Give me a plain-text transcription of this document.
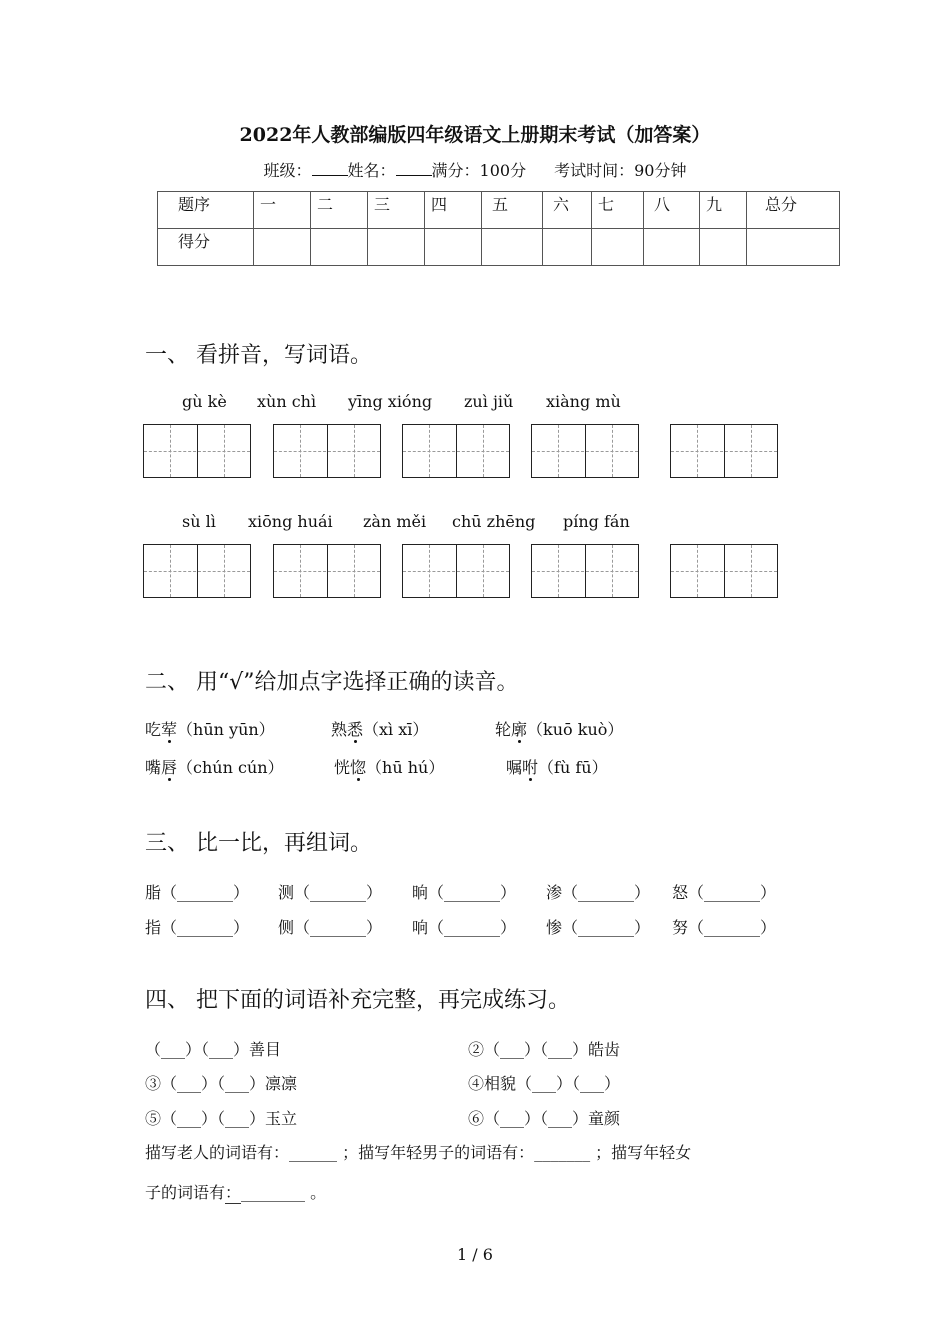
2022年人教部编版四年级语文上册期末考试（加答案）
班级： 姓名： 满分：100分 考试时间：90分钟
题序	一	二	三	四	五	六	七	八	九	总分
得分										
一、 看拼音，写词语。
gù kè xùn chì yīng xióng zuì jiǔ xiàng mù
sù lì xiōng huái zàn měi chū zhēng píng fán
二、 用“√”给加点字选择正确的读音。
吃荤（hūn yūn）	熟悉（xì xī）	轮廓（kuō kuò）
嘴唇（chún cún）	恍惚（hū hú）	嘱咐（fù fū）
三、 比一比，再组词。
脂（_______） 测（_______） 晌（_______） 渗（_______） 怒（_______）
指（_______） 侧（_______） 响（_______） 惨（_______） 努（_______）
四、 把下面的词语补充完整，再完成练习。
（___）（___）善目	②（___）（___）皓齿
③（___）（___）凛凛	④相貌（___）（___）
⑤（___）（___）玉立	⑥（___）（___）童颜
描写老人的词语有：______ ；描写年轻男子的词语有：_______ ；描写年轻女
子的词语有：________ 。
1 / 6
